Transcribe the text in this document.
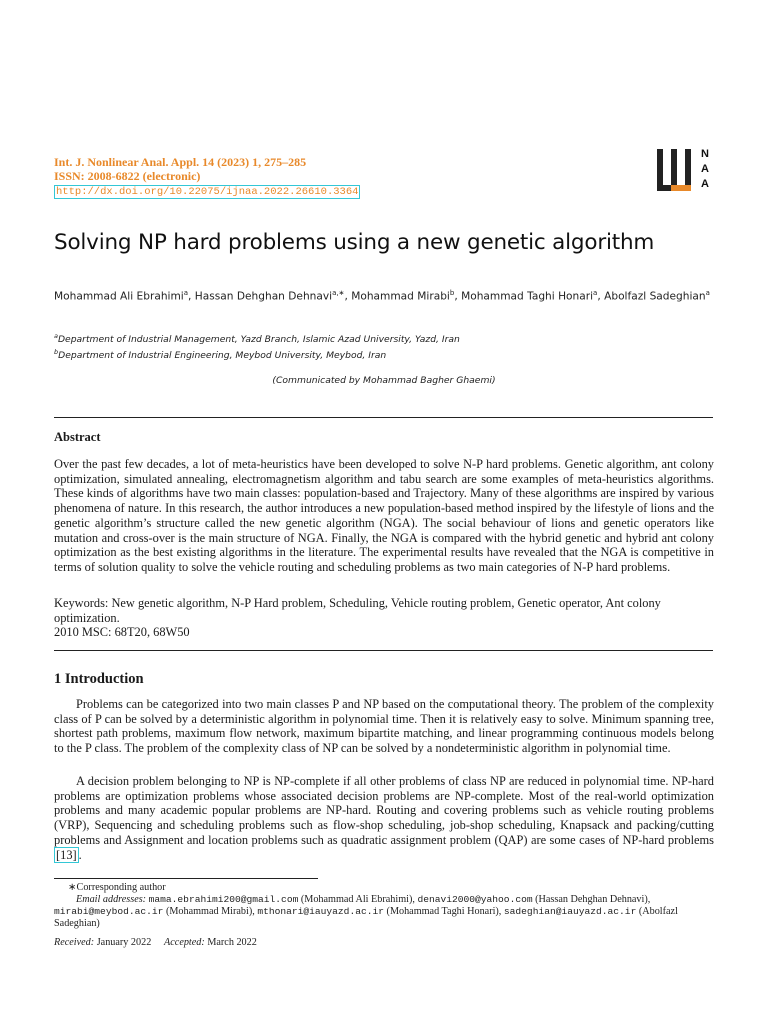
Int. J. Nonlinear Anal. Appl. 14 (2023) 1, 275–285
ISSN: 2008-6822 (electronic)
http://dx.doi.org/10.22075/ijnaa.2022.26610.3364
N
A
A
Solving NP hard problems using a new genetic algorithm
Mohammad Ali Ebrahimi$^a$, Hassan Dehghan Dehnavi$^{a,∗}$, Mohammad Mirabi$^b$, Mohammad Taghi Honari$^a$, Abolfazl Sadeghian$^a$
$^a$Department of Industrial Management, Yazd Branch, Islamic Azad University, Yazd, Iran
$^b$Department of Industrial Engineering, Meybod University, Meybod, Iran
(Communicated by Mohammad Bagher Ghaemi)
Abstract
Over the past few decades, a lot of meta-heuristics have been developed to solve N-P hard problems. Genetic algorithm, ant colony optimization, simulated annealing, electromagnetism algorithm and tabu search are some examples of meta-heuristics algorithms. These kinds of algorithms have two main classes: population-based and Trajectory. Many of these algorithms are inspired by various phenomena of nature. In this research, the author introduces a new population-based method inspired by the lifestyle of lions and the genetic algorithm’s structure called the new genetic algorithm (NGA). The social behaviour of lions and genetic operators like mutation and cross-over is the main structure of NGA. Finally, the NGA is compared with the hybrid genetic and hybrid ant colony optimization as the best existing algorithms in the literature. The experimental results have revealed that the NGA is competitive in terms of solution quality to solve the vehicle routing and scheduling problems as two main categories of N-P hard problems.
Keywords: New genetic algorithm, N-P Hard problem, Scheduling, Vehicle routing problem, Genetic operator, Ant colony optimization.
2010 MSC: 68T20, 68W50
1 Introduction
Problems can be categorized into two main classes P and NP based on the computational theory. The problem of the complexity class of P can be solved by a deterministic algorithm in polynomial time. Then it is relatively easy to solve. Minimum spanning tree, shortest path problems, maximum flow network, maximum bipartite matching, and linear programming continuous models belong to the P class. The problem of the complexity class of NP can be solved by a nondeterministic algorithm in polynomial time.
A decision problem belonging to NP is NP-complete if all other problems of class NP are reduced in polynomial time. NP-hard problems are optimization problems whose associated decision problems are NP-complete. Most of the real-world optimization problems and many academic popular problems are NP-hard. Routing and covering problems such as vehicle routing problems (VRP), Sequencing and scheduling problems such as flow-shop scheduling, job-shop scheduling, Knapsack and packing/cutting problems and Assignment and location problems such as quadratic assignment problem (QAP) are some cases of NP-hard problems [13] .
∗Corresponding author
Email addresses: mama.ebrahimi200@gmail.com (Mohammad Ali Ebrahimi), denavi2000@yahoo.com (Hassan Dehghan Dehnavi), mirabi@meybod.ac.ir (Mohammad Mirabi), mthonari@iauyazd.ac.ir (Mohammad Taghi Honari), sadeghian@iauyazd.ac.ir (Abolfazl Sadeghian)
Received: January 2022 Accepted: March 2022
